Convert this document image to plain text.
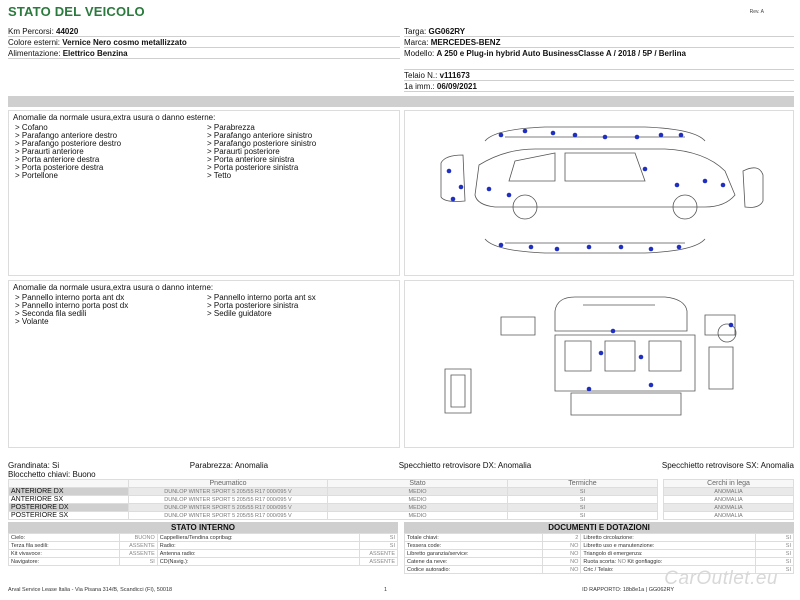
STATO DEL VEICOLO	Rev. A
Km Percorsi: 44020
Colore esterni: Vernice Nero cosmo metallizzato
Alimentazione: Elettrico Benzina
Targa: GG062RY
Marca: MERCEDES-BENZ
Modello: A 250 e Plug-in hybrid Auto BusinessClasse A / 2018 / 5P / Berlina
Telaio N.: v111673
1a imm.: 06/09/2021
Anomalie da normale usura,extra usura o danno esterne:
> Cofano
> Parafango anteriore destro
> Parafango posteriore destro
> Paraurti anteriore
> Porta anteriore destra
> Porta posteriore destra
> Portellone
> Parabrezza
> Parafango anteriore sinistro
> Parafango posteriore sinistro
> Paraurti posteriore
> Porta anteriore sinistra
> Porta posteriore sinistra
> Tetto
Anomalie da normale usura,extra usura o danno interne:
> Pannello interno porta ant dx
> Pannello interno porta post dx
> Seconda fila sedili
> Volante
> Pannello interno porta ant sx
> Porta posteriore sinistra
> Sedile guidatore
Grandinata: Si	Parabrezza: Anomalia	Specchietto retrovisore DX: Anomalia	Specchietto retrovisore SX: Anomalia
Blocchetto chiavi: Buono
	Pneumatico	Stato	Termiche		Cerchi in lega
ANTERIORE DX	DUNLOP WINTER SPORT 5 205/55 R17 000/095 V	MEDIO	SI		ANOMALIA
ANTERIORE SX	DUNLOP WINTER SPORT 5 205/55 R17 000/095 V	MEDIO	SI		ANOMALIA
POSTERIORE DX	DUNLOP WINTER SPORT 5 205/55 R17 000/095 V	MEDIO	SI		ANOMALIA
POSTERIORE SX	DUNLOP WINTER SPORT 5 205/55 R17 000/095 V	MEDIO	SI		ANOMALIA
STATO INTERNO
Cielo:	BUONO	Cappelliera/Tendina copribag:	SI
Terza fila sedili:	ASSENTE	Radio:	SI
Kit vivavoce:	ASSENTE	Antenna radio:	ASSENTE
Navigatore:	SI	CD(Navig.):	ASSENTE
DOCUMENTI E DOTAZIONI
Totale chiavi:	2	Libretto circolazione:	SI
Tessera code:	NO	Libretto uso e manutenzione:	SI
Libretto garanzia/service:	NO	Triangolo di emergenza:	SI
Catene da neve:	NO	Ruota scorta: NO Kit gonfiaggio:	SI
Codice autoradio:	NO	Cric / Telaio:	SI
CarOutlet.eu
Arval Service Lease Italia - Via Pisana 314/B, Scandicci (FI), 50018	1	ID RAPPORTO: 18b8e1a | GG062RY
